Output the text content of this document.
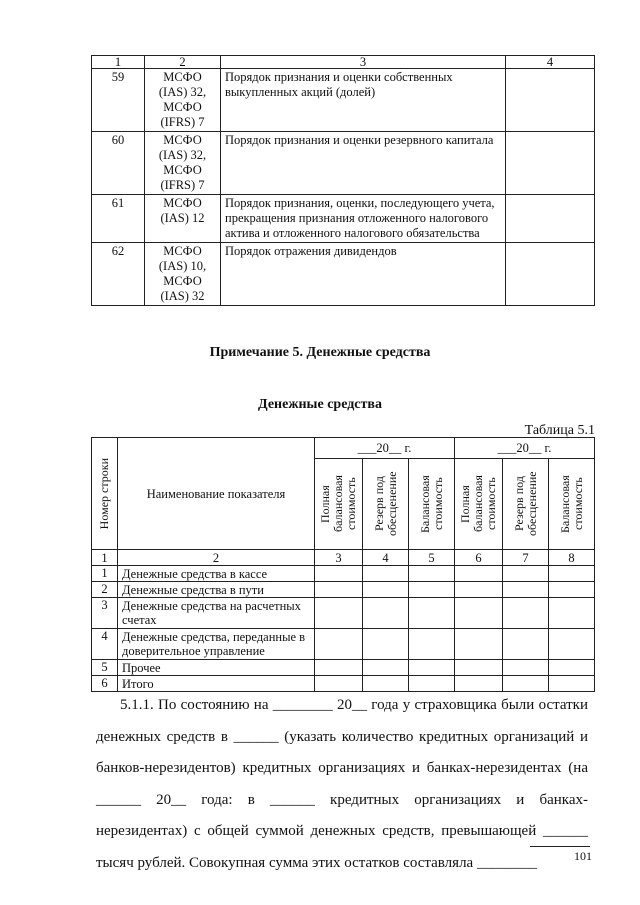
1	2	3	4
59	МСФО
(IAS) 32,
МСФО
(IFRS) 7	Порядок признания и оценки собственных выкупленных акций (долей)	
60	МСФО
(IAS) 32,
МСФО
(IFRS) 7	Порядок признания и оценки резервного капитала	
61	МСФО
(IAS) 12	Порядок признания, оценки, последующего учета, прекращения признания отложенного налогового актива и отложенного налогового обязательства	
62	МСФО
(IAS) 10,
МСФО
(IAS) 32	Порядок отражения дивидендов	
Примечание 5. Денежные средства
Денежные средства
Таблица 5.1
Номер строки	Наименование показателя	___20__ г.			___20__ г.		

		Полная балансовая стоимость	Резерв под обесценение	Балансовая стоимость	Полная балансовая стоимость	Резерв под обесценение	Балансовая стоимость

1	2	3	4	5	6	7	8
1	Денежные средства в кассе						
2	Денежные средства в пути						
3	Денежные средства на расчетных счетах						
4	Денежные средства, переданные в доверительное управление						
5	Прочее						
6	Итого						
5.1.1. По состоянию на ________ 20__ года у страховщика были остатки денежных средств в ______ (указать количество кредитных организаций и банков-нерезидентов) кредитных организациях и банках-нерезидентах (на ______ 20__ года: в ______ кредитных организациях и банках-нерезидентах) с общей суммой денежных средств, превышающей ______ тысяч рублей. Совокупная сумма этих остатков составляла ________	101
